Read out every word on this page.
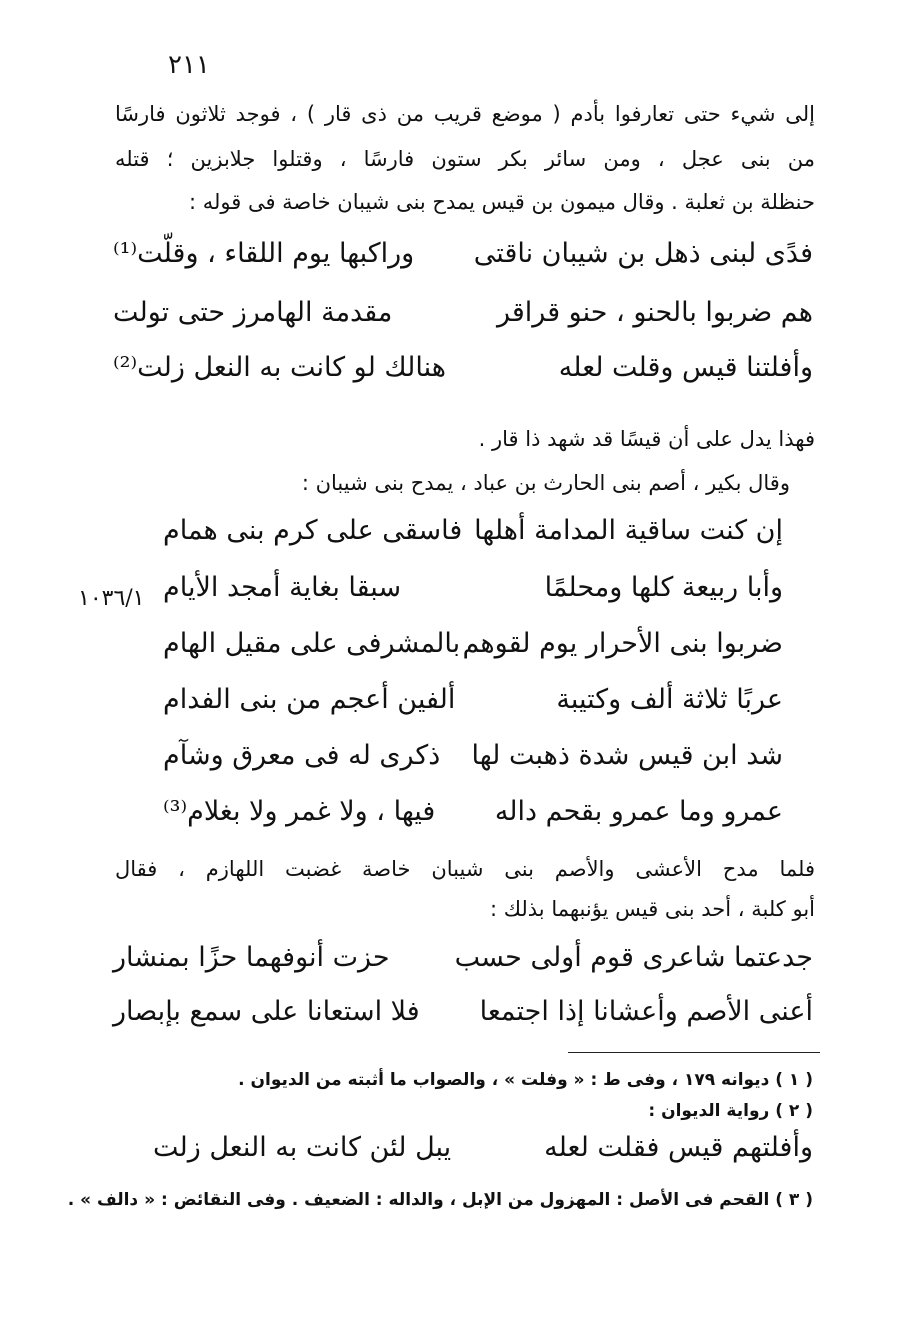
٢١١
١٠٣٦/١
إلى شيء حتى تعارفوا بأدم ( موضع قريب من ذى قار ) ، فوجد ثلاثون فارسًا
من بنى عجل ، ومن سائر بكر ستون فارسًا ، وقتلوا جلابزين ؛ قتله
حنظلة بن ثعلبة . وقال ميمون بن قيس يمدح بنى شيبان خاصة فى قوله :
فدًى لبنى ذهل بن شيبان ناقتى
وراكبها يوم اللقاء ، وقلّت⁽¹⁾
هم ضربوا بالحنو ، حنو قراقر
مقدمة الهامرز حتى تولت
وأفلتنا قيس وقلت لعله
هنالك لو كانت به النعل زلت⁽²⁾
فهذا يدل على أن قيسًا قد شهد ذا قار .
وقال بكير ، أصم بنى الحارث بن عباد ، يمدح بنى شيبان :
إن كنت ساقية المدامة أهلها
فاسقى على كرم بنى همام
وأبا ربيعة كلها ومحلمًا
سبقا بغاية أمجد الأيام
ضربوا بنى الأحرار يوم لقوهم
بالمشرفى على مقيل الهام
عربًا ثلاثة ألف وكتيبة
ألفين أعجم من بنى الفدام
شد ابن قيس شدة ذهبت لها
ذكرى له فى معرق وشآم
عمرو وما عمرو بقحم داله
فيها ، ولا غمر ولا بغلام⁽³⁾
فلما مدح الأعشى والأصم بنى شيبان خاصة غضبت اللهازم ، فقال
أبو كلبة ، أحد بنى قيس يؤنبهما بذلك :
جدعتما شاعرى قوم أولى حسب
حزت أنوفهما حزًا بمنشار
أعنى الأصم وأعشانا إذا اجتمعا
فلا استعانا على سمع بإبصار
( ١ ) ديوانه ١٧٩ ، وفى ط : « وفلت » ، والصواب ما أثبته من الديوان .
( ٢ ) رواية الديوان :
وأفلتهم قيس فقلت لعله
يبل لئن كانت به النعل زلت
( ٣ ) القحم فى الأصل : المهزول من الإبل ، والداله : الضعيف . وفى النقائض : « دالف » .
